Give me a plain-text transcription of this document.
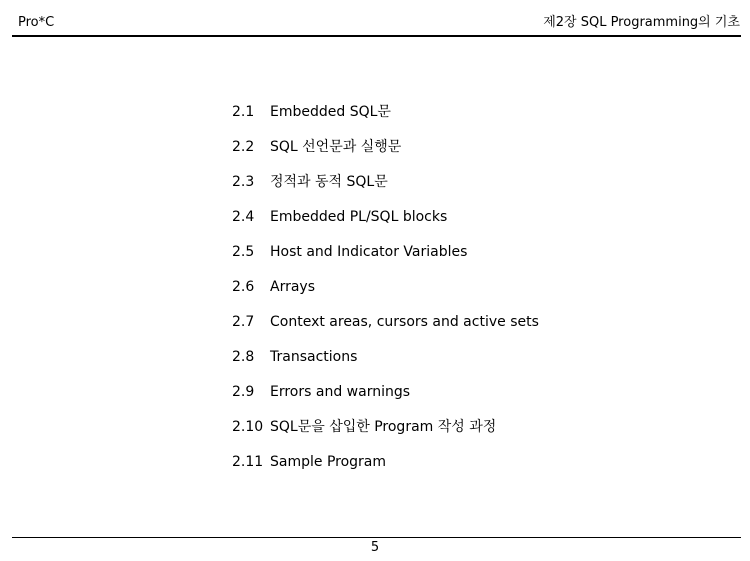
Pro*C	제2장 SQL Programming의 기초
2.1 Embedded SQL문
2.2 SQL 선언문과 실행문
2.3 정적과 동적 SQL문
2.4 Embedded PL/SQL blocks
2.5 Host and Indicator Variables
2.6 Arrays
2.7 Context areas, cursors and active sets
2.8 Transactions
2.9 Errors and warnings
2.10 SQL문을 삽입한 Program 작성 과정
2.11 Sample Program
5
